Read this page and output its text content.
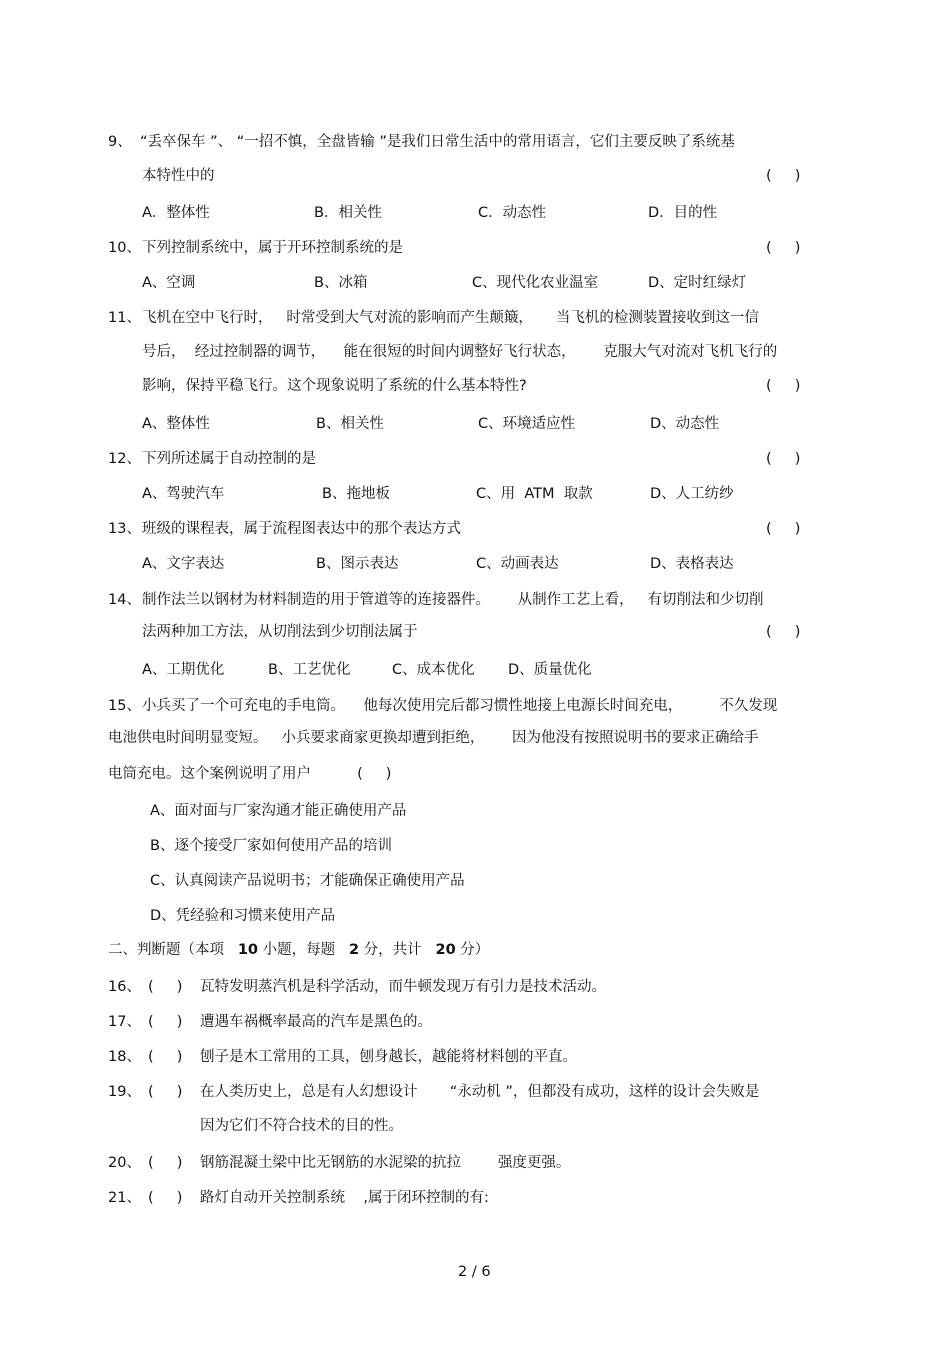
9、 “丢卒保车 ”、 “一招不慎，全盘皆输 ”是我们日常生活中的常用语言，它们主要反映了系统基
本特性中的	(     )
A．整体性	B．相关性	C．动态性	D．目的性
10、 下列控制系统中，属于开环控制系统的是	(     )
A、空调	B、冰箱	C、现代化农业温室	D、定时红绿灯
11、 飞机在空中飞行时，   时常受到大气对流的影响而产生颠簸，     当飞机的检测装置接收到这一信
号后，  经过控制器的调节，    能在很短的时间内调整好飞行状态，      克服大气对流对飞机飞行的
影响，保持平稳飞行。这个现象说明了系统的什么基本特性?	(     )
A、整体性	B、相关性	C、环境适应性	D、动态性
12、 下列所述属于自动控制的是	(     )
A、驾驶汽车	B、拖地板	C、用  ATM  取款	D、人工纺纱
13、 班级的课程表，属于流程图表达中的那个表达方式	(     )
A、文字表达	B、图示表达	C、动画表达	D、表格表达
14、 制作法兰以钢材为材料制造的用于管道等的连接器件。      从制作工艺上看，   有切削法和少切削
法两种加工方法，从切削法到少切削法属于	(     )
A、工期优化	B、工艺优化	C、成本优化 D、质量优化
15、 小兵买了一个可充电的手电筒。    他每次使用完后都习惯性地接上电源长时间充电，        不久发现
电池供电时间明显变短。   小兵要求商家更换却遭到拒绝，      因为他没有按照说明书的要求正确给手
电筒充电。这个案例说明了用户          (     )
A、面对面与厂家沟通才能正确使用产品
B、逐个接受厂家如何使用产品的培训
C、认真阅读产品说明书；才能确保正确使用产品
D、凭经验和习惯来使用产品
二、判断题（本项   10 小题，每题   2 分，共计   20 分）
16、 (     ) 瓦特发明蒸汽机是科学活动，而牛顿发现万有引力是技术活动。
17、 (     ) 遭遇车祸概率最高的汽车是黑色的。
18、 (     ) 刨子是木工常用的工具，刨身越长，越能将材料刨的平直。
19、 (     ) 在人类历史上，总是有人幻想设计       “永动机 ”，但都没有成功，这样的设计会失败是
因为它们不符合技术的目的性。
20、 (     ) 钢筋混凝土梁中比无钢筋的水泥梁的抗拉        强度更强。
21、 (     ) 路灯自动开关控制系统    ,属于闭环控制的有:
2 / 6
